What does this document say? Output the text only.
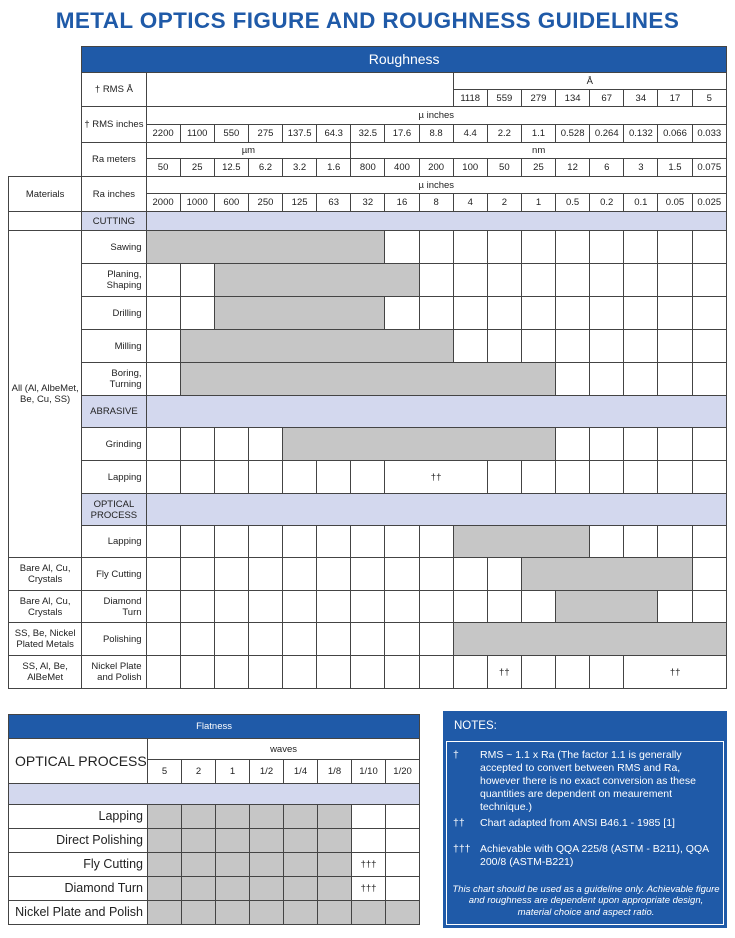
METAL OPTICS FIGURE AND ROUGHNESS GUIDELINES
	Roughness																	
	† RMS Å										Å							
											1118	559	279	134	67	34	17	5
	† RMS inches	µ inches																
		2200	1100	550	275	137.5	64.3	32.5	17.6	8.8	4.4	2.2	1.1	0.528	0.264	0.132	0.066	0.033
	Ra meters	µm						nm										
		50	25	12.5	6.2	3.2	1.6	800	400	200	100	50	25	12	6	3	1.5	0.075
Materials	Ra inches	µ inches																
		2000	1000	600	250	125	63	32	16	8	4	2	1	0.5	0.2	0.1	0.05	0.025
	CUTTING																	
All (Al, AlbeMet, Be, Cu, SS)	Sawing																	
	Planing, Shaping																	
	Drilling																	
	Milling																	
	Boring, Turning																	
	ABRASIVE																	
	Grinding																	
	Lapping								††									
	OPTICAL PROCESS																	
	Lapping																	
Bare Al, Cu, Crystals	Fly Cutting																	
Bare Al, Cu, Crystals	Diamond Turn																	
SS, Be, Nickel Plated Metals	Polishing																	
SS, Al, Be, AlBeMet	Nickel Plate and Polish											††				††		
Flatness								
OPTICAL PROCESS	waves							
	5	2	1	1/2	1/4	1/8	1/10	1/20

Lapping								
Direct Polishing								
Fly Cutting							†††	
Diamond Turn							†††	
Nickel Plate and Polish								
NOTES:
†	RMS ~ 1.1 x Ra (The factor 1.1 is generally accepted to convert between RMS and Ra, however there is no exact conversion as these quantities are dependent on meaurement technique.)
††	Chart adapted from ANSI B46.1 - 1985 [1]
††† Achievable with QQA 225/8 (ASTM - B211), QQA 200/8 (ASTM-B221)
This chart should be used as a guideline only. Achievable figure and roughness are dependent upon appropriate design, material choice and aspect ratio.
